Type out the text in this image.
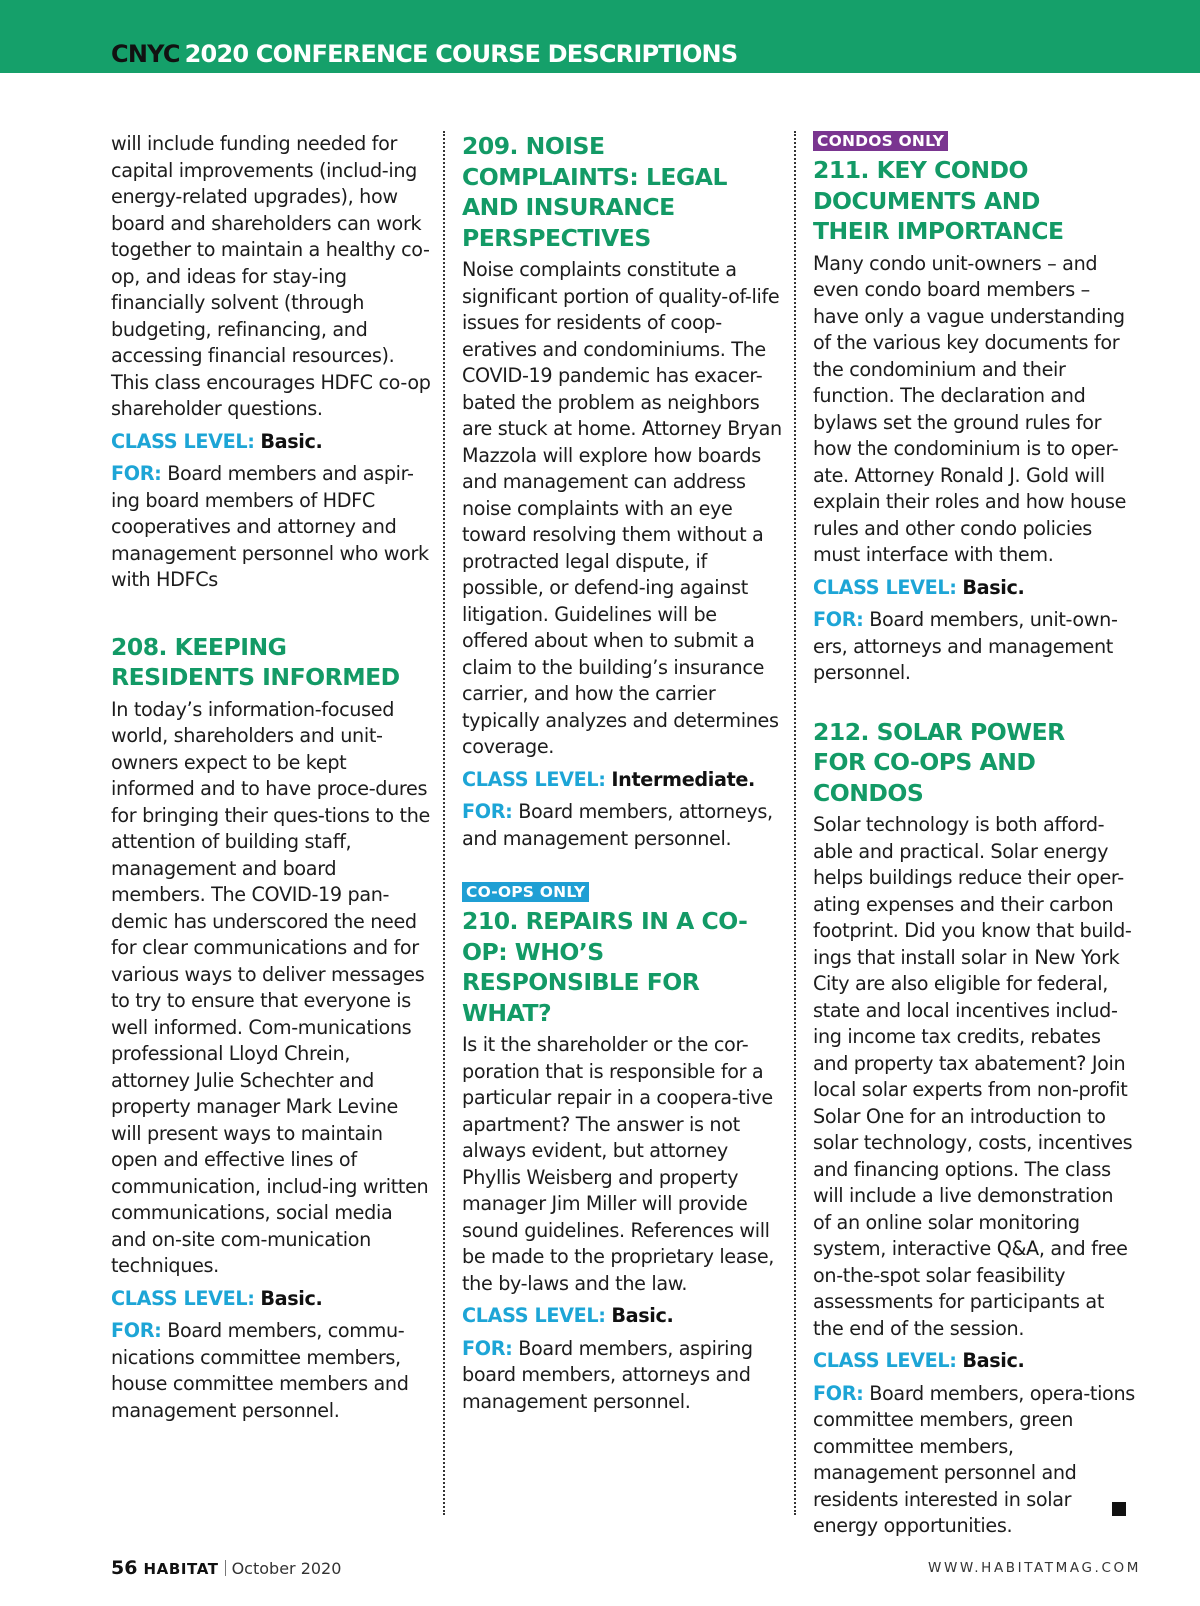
CNYC 2020 CONFERENCE COURSE DESCRIPTIONS

will include funding needed for capital improvements (includ-ing energy-related upgrades), how board and shareholders can work together to maintain a healthy co-op, and ideas for stay-ing financially solvent (through budgeting, refinancing, and accessing financial resources). This class encourages HDFC co-op shareholder questions.

CLASS LEVEL: Basic.

FOR: Board members and aspir-ing board members of HDFC cooperatives and attorney and management personnel who work with HDFCs

208. KEEPING RESIDENTS INFORMED

In today’s information-focused world, shareholders and unit-owners expect to be kept informed and to have proce-dures for bringing their ques-tions to the attention of building staff, management and board members. The COVID-19 pan-demic has underscored the need for clear communications and for various ways to deliver messages to try to ensure that everyone is well informed. Com-munications professional Lloyd Chrein, attorney Julie Schechter and property manager Mark Levine will present ways to maintain open and effective lines of communication, includ-ing written communications, social media and on-site com-munication techniques.

CLASS LEVEL: Basic.

FOR: Board members, commu-nications committee members, house committee members and management personnel.

209. NOISE COMPLAINTS: LEGAL AND INSURANCE PERSPECTIVES

Noise complaints constitute a significant portion of quality-of-life issues for residents of coop-eratives and condominiums. The COVID-19 pandemic has exacer-bated the problem as neighbors are stuck at home. Attorney Bryan Mazzola will explore how boards and management can address noise complaints with an eye toward resolving them without a protracted legal dispute, if possible, or defend-ing against litigation. Guidelines will be offered about when to submit a claim to the building’s insurance carrier, and how the carrier typically analyzes and determines coverage.

CLASS LEVEL: Intermediate.

FOR: Board members, attorneys, and management personnel.

CO-OPS ONLY
210. REPAIRS IN A CO-OP: WHO’S RESPONSIBLE FOR WHAT?

Is it the shareholder or the cor-poration that is responsible for a particular repair in a coopera-tive apartment? The answer is not always evident, but attorney Phyllis Weisberg and property manager Jim Miller will provide sound guidelines. References will be made to the proprietary lease, the by-laws and the law.

CLASS LEVEL: Basic.

FOR: Board members, aspiring board members, attorneys and management personnel.

CONDOS ONLY
211. KEY CONDO DOCUMENTS AND THEIR IMPORTANCE

Many condo unit-owners – and even condo board members – have only a vague understanding of the various key documents for the condominium and their function. The declaration and bylaws set the ground rules for how the condominium is to oper-ate. Attorney Ronald J. Gold will explain their roles and how house rules and other condo policies must interface with them.

CLASS LEVEL: Basic.

FOR: Board members, unit-own-ers, attorneys and management personnel.

212. SOLAR POWER FOR CO-OPS AND CONDOS

Solar technology is both afford-able and practical. Solar energy helps buildings reduce their oper-ating expenses and their carbon footprint. Did you know that build-ings that install solar in New York City are also eligible for federal, state and local incentives includ-ing income tax credits, rebates and property tax abatement? Join local solar experts from non-profit Solar One for an introduction to solar technology, costs, incentives and financing options. The class will include a live demonstration of an online solar monitoring system, interactive Q&A, and free on-the-spot solar feasibility assessments for participants at the end of the session.

CLASS LEVEL: Basic.

FOR: Board members, opera-tions committee members, green committee members, management personnel and residents interested in solar energy opportunities.

56 HABITAT October 2020	WWW.HABITATMAG.COM
